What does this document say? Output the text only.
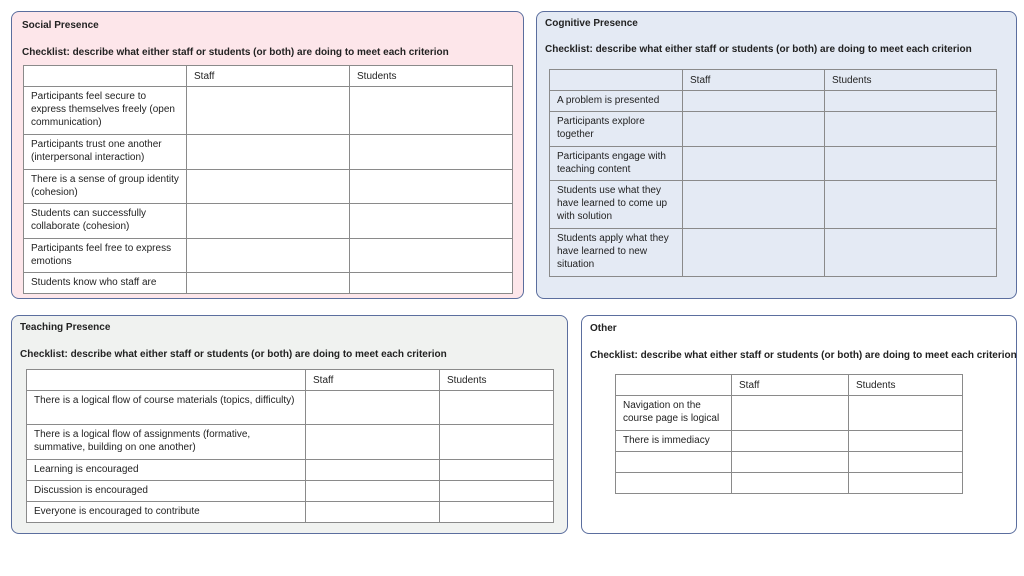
Social Presence
Checklist: describe what either staff or students (or both) are doing to meet each criterion
	Staff	Students
Participants feel secure to express themselves freely (open communication)		
Participants trust one another (interpersonal interaction)		
There is a sense of group identity (cohesion)		
Students can successfully collaborate (cohesion)		
Participants feel free to express emotions		
Students know who staff are		
Cognitive Presence
Checklist: describe what either staff or students (or both) are doing to meet each criterion
	Staff	Students
A problem is presented		
Participants explore together		
Participants engage with teaching content		
Students use what they have learned to come up with solution		
Students apply what they have learned to new situation		
Teaching Presence
Checklist: describe what either staff or students (or both) are doing to meet each criterion
	Staff	Students
There is a logical flow of course materials (topics, difficulty)		
There is a logical flow of assignments (formative, summative, building on one another)		
Learning is encouraged		
Discussion is encouraged		
Everyone is encouraged to contribute		
Other
Checklist: describe what either staff or students (or both) are doing to meet each criterion
	Staff	Students
Navigation on the course page is logical		
There is immediacy		
